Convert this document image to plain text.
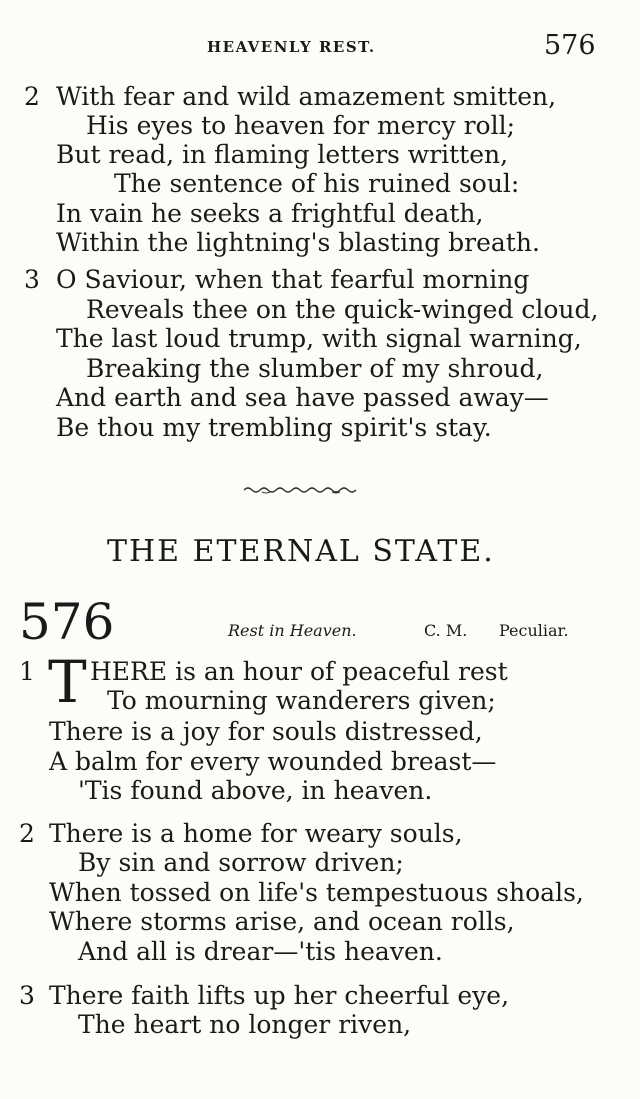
HEAVENLY REST.	576
2 With fear and wild amazement smitten,
His eyes to heaven for mercy roll;
But read, in flaming letters written,
The sentence of his ruined soul:
In vain he seeks a frightful death,
Within the lightning's blasting breath.
3 O Saviour, when that fearful morning
Reveals thee on the quick-winged cloud,
The last loud trump, with signal warning,
Breaking the slumber of my shroud,
And earth and sea have passed away—
Be thou my trembling spirit's stay.
THE ETERNAL STATE.
576	Rest in Heaven.	C. M. Peculiar.
1 T HERE is an hour of peaceful rest
To mourning wanderers given;
There is a joy for souls distressed,
A balm for every wounded breast—
'Tis found above, in heaven.
2 There is a home for weary souls,
By sin and sorrow driven;
When tossed on life's tempestuous shoals,
Where storms arise, and ocean rolls,
And all is drear—'tis heaven.
3 There faith lifts up her cheerful eye,
The heart no longer riven,
